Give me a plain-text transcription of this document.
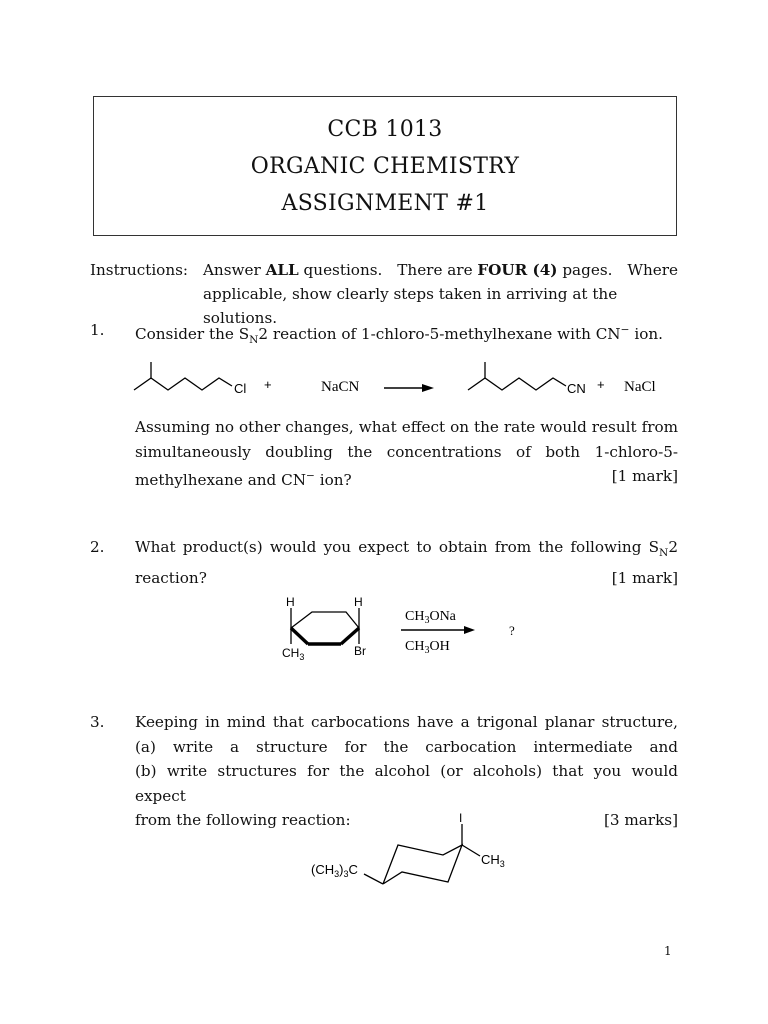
CCB 1013
ORGANIC CHEMISTRY
ASSIGNMENT #1
Instructions: Answer ALL questions. There are FOUR (4) pages. Where
applicable, show clearly steps taken in arriving at the solutions.
1.	Consider the $S_N2$ reaction of 1-chloro-5-methylhexane with CN− ion.
Cl +	NaCN	CN + NaCl
Assuming no other changes, what effect on the rate would result from
simultaneously doubling the concentrations of both 1-chloro-5-
methylhexane and CN− ion?	[1 mark]
2.	What product(s) would you expect to obtain from the following $S_N2$
reaction?	[1 mark]
H	H
$CH_3$	Br
$CH_3ONa$
$CH_3OH$
?
3.	Keeping in mind that carbocations have a trigonal planar structure,
(a) write a structure for the carbocation intermediate and
(b) write structures for the alcohol (or alcohols) that you would expect
from the following reaction:	[3 marks]
I
$CH_3$
$(CH_3)_3C$
1
